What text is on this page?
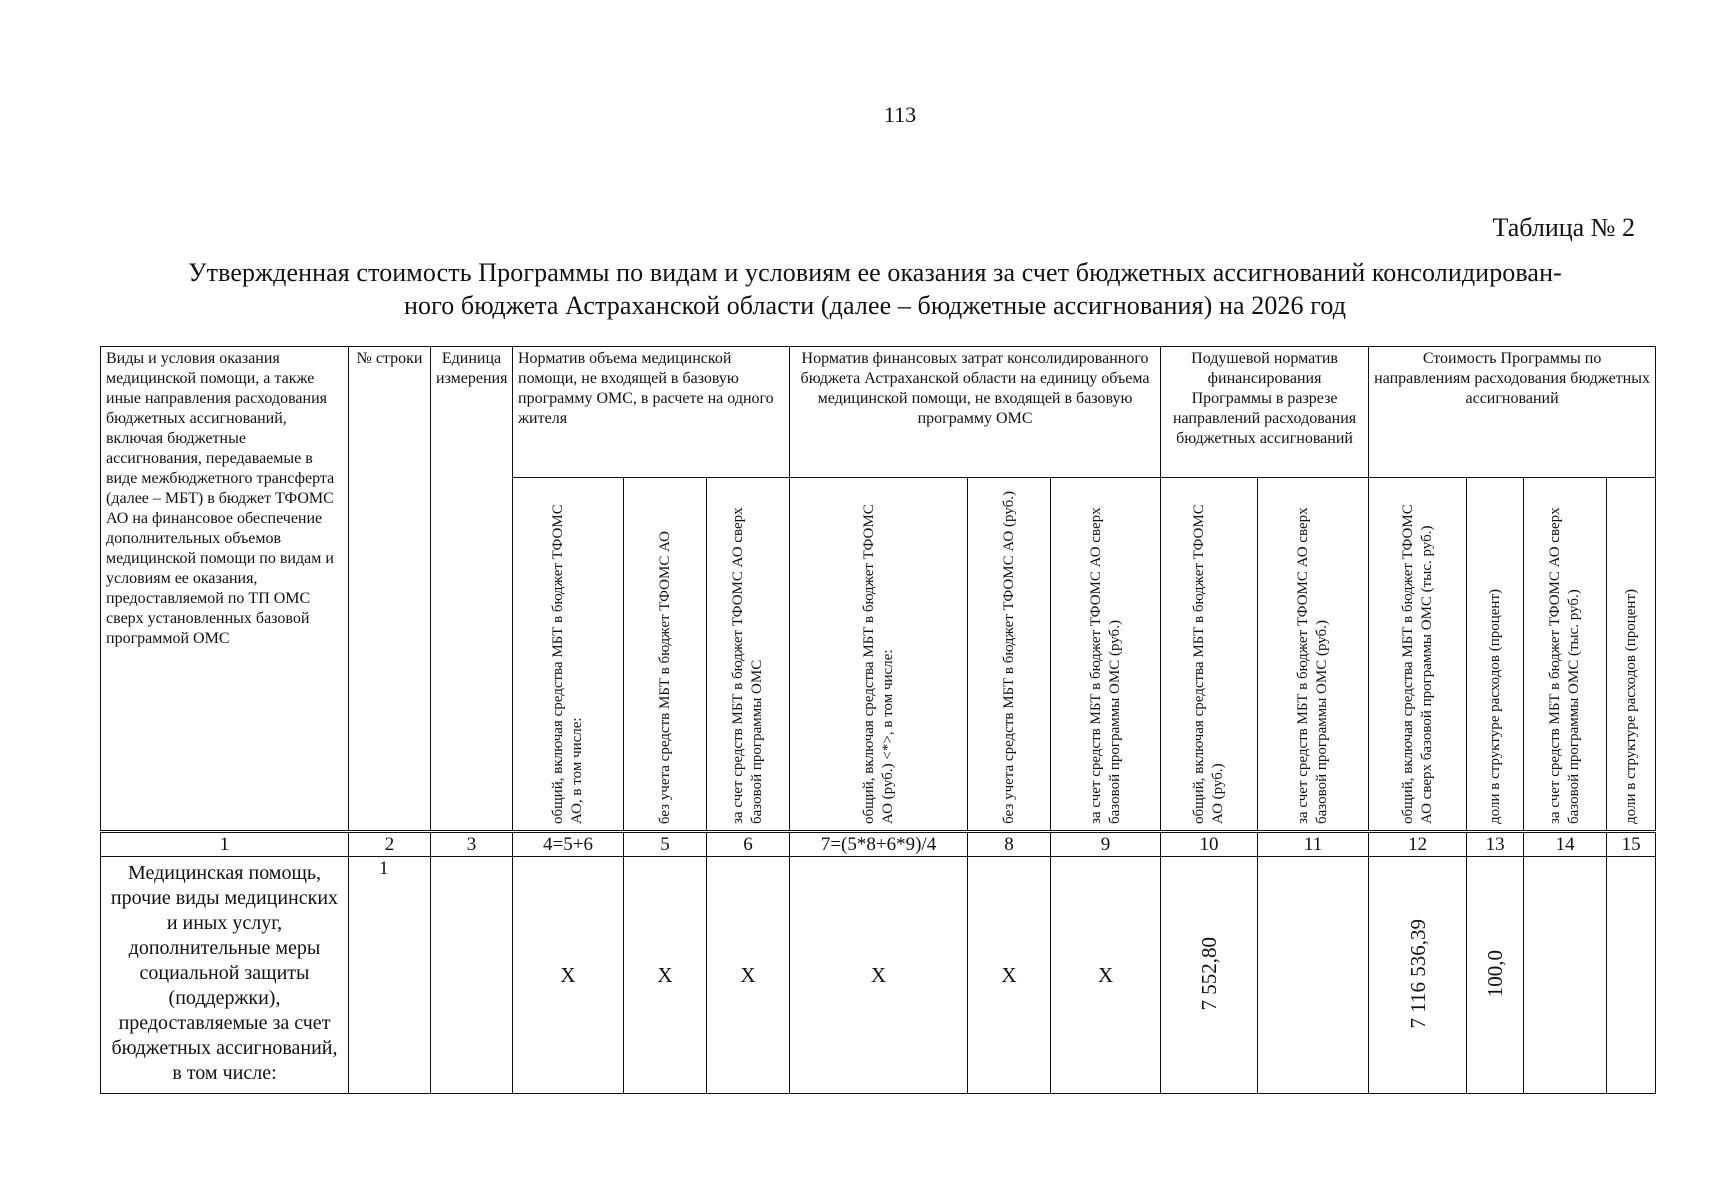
113
Таблица № 2
Утвержденная стоимость Программы по видам и условиям ее оказания за счет бюджетных ассигнований консолидирован-
ного бюджета Астраханской области (далее – бюджетные ассигнования) на 2026 год
Виды и условия оказания медицинской помощи, а также иные направления расходования бюджетных ассигнований, включая бюджетные ассигнования, передаваемые в виде межбюджетного трансферта (далее – МБТ) в бюджет ТФОМС АО на финансовое обеспечение дополнительных объемов медицинской помощи по видам и условиям ее оказания, предоставляемой по ТП ОМС сверх установленных базовой программой ОМС	№ строки	Единица измерения	Норматив объема медицинской помощи, не входящей в базовую программу ОМС, в расчете на одного жителя			Норматив финансовых затрат консолидированного бюджета Астраханской области на единицу объема медицинской помощи, не входящей в базовую программу ОМС			Подушевой норматив финансирования Программы в разрезе направлений расходования бюджетных ассигнований		Стоимость Программы по направлениям расходования бюджетных ассигнований			

			общий, включая средства МБТ в бюджет ТФОМС АО, в том числе:	без учета средств МБТ в бюджет ТФОМС АО	за счет средств МБТ в бюджет ТФОМС АО сверх базовой программы ОМС	общий, включая средства МБТ в бюджет ТФОМС АО (руб.) <*>, в том числе:	без учета средств МБТ в бюджет ТФОМС АО (руб.)	за счет средств МБТ в бюджет ТФОМС АО сверх базовой программы ОМС (руб.)	общий, включая средства МБТ в бюджет ТФОМС АО (руб.)	за счет средств МБТ в бюджет ТФОМС АО сверх базовой программы ОМС (руб.)	общий, включая средства МБТ в бюджет ТФОМС АО сверх базовой программы ОМС (тыс. руб.)	доли в структуре расходов (процент)	за счет средств МБТ в бюджет ТФОМС АО сверх базовой программы ОМС (тыс. руб.)	доли в структуре расходов (процент)

1	2	3	4=5+6	5	6	7=(5*8+6*9)/4	8	9	10	11	12	13	14	15
Медицинская помощь, прочие виды медицинских и иных услуг, дополнительные меры социальной защиты (поддержки), предоставляемые за счет бюджетных ассигнований, в том числе:	1		Х	Х	Х	Х	Х	Х	7 552,80		7 116 536,39	100,0		
